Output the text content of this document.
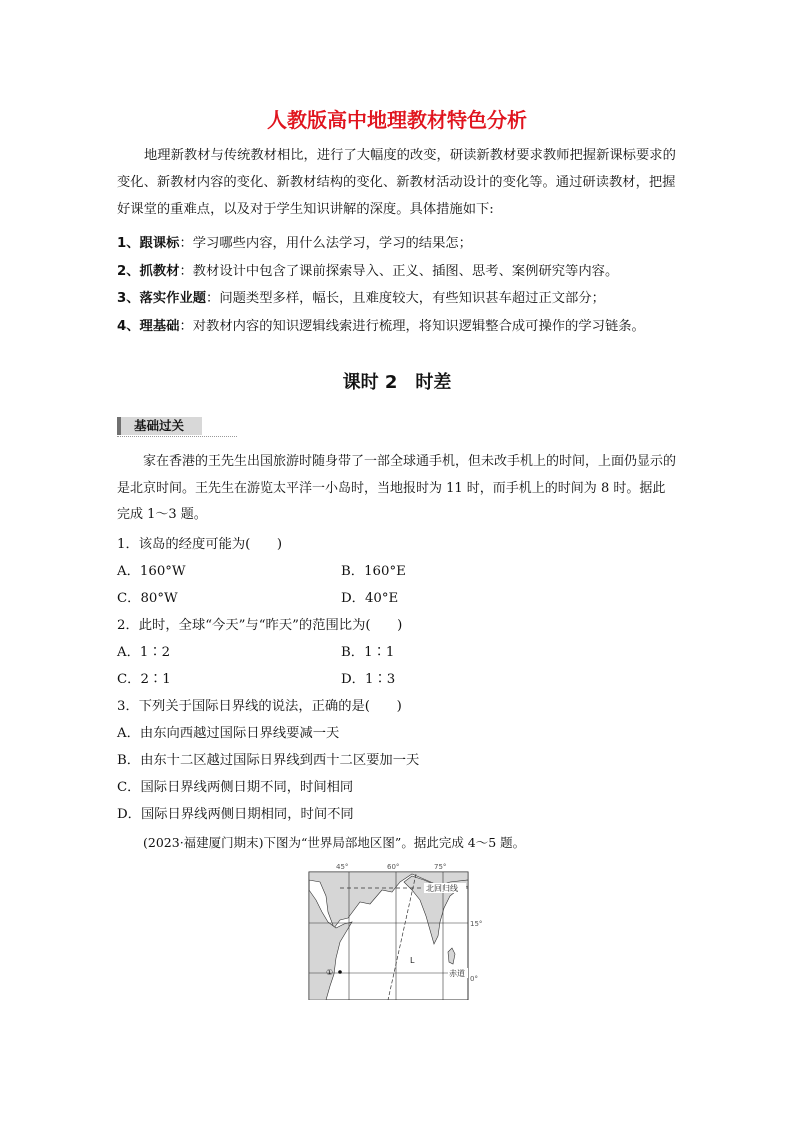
人教版高中地理教材特色分析

地理新教材与传统教材相比，进行了大幅度的改变，研读新教材要求教师把握新课标要求的变化、新教材内容的变化、新教材结构的变化、新教材活动设计的变化等。通过研读教材，把握好课堂的重难点，以及对于学生知识讲解的深度。具体措施如下:

1、跟课标：学习哪些内容，用什么法学习，学习的结果怎；
2、抓教材：教材设计中包含了课前探索导入、正义、插图、思考、案例研究等内容。
3、落实作业题：问题类型多样，幅长，且难度较大，有些知识甚车超过正文部分；
4、理基础：对教材内容的知识逻辑线索进行梳理，将知识逻辑整合成可操作的学习链条。
课时 2　时差
基础过关

家在香港的王先生出国旅游时随身带了一部全球通手机，但未改手机上的时间，上面仍显示的是北京时间。王先生在游览太平洋一小岛时，当地报时为 11 时，而手机上的时间为 8 时。据此完成 1～3 题。

1．该岛的经度可能为(　　)
A．160°W	B．160°E
C．80°W	D．40°E
2．此时，全球“今天”与“昨天”的范围比为(　　)
A．1∶2	B．1∶1
C．2∶1	D．1∶3
3．下列关于国际日界线的说法，正确的是(　　)
A．由东向西越过国际日界线要减一天
B．由东十二区越过国际日界线到西十二区要加一天
C．国际日界线两侧日期不同，时间相同
D．国际日界线两侧日期相同，时间不同
(2023·福建厦门期末)下图为“世界局部地区图”。据此完成 4～5 题。
45°	60°	75°
北回归线
L
15°
0°
赤道
①
